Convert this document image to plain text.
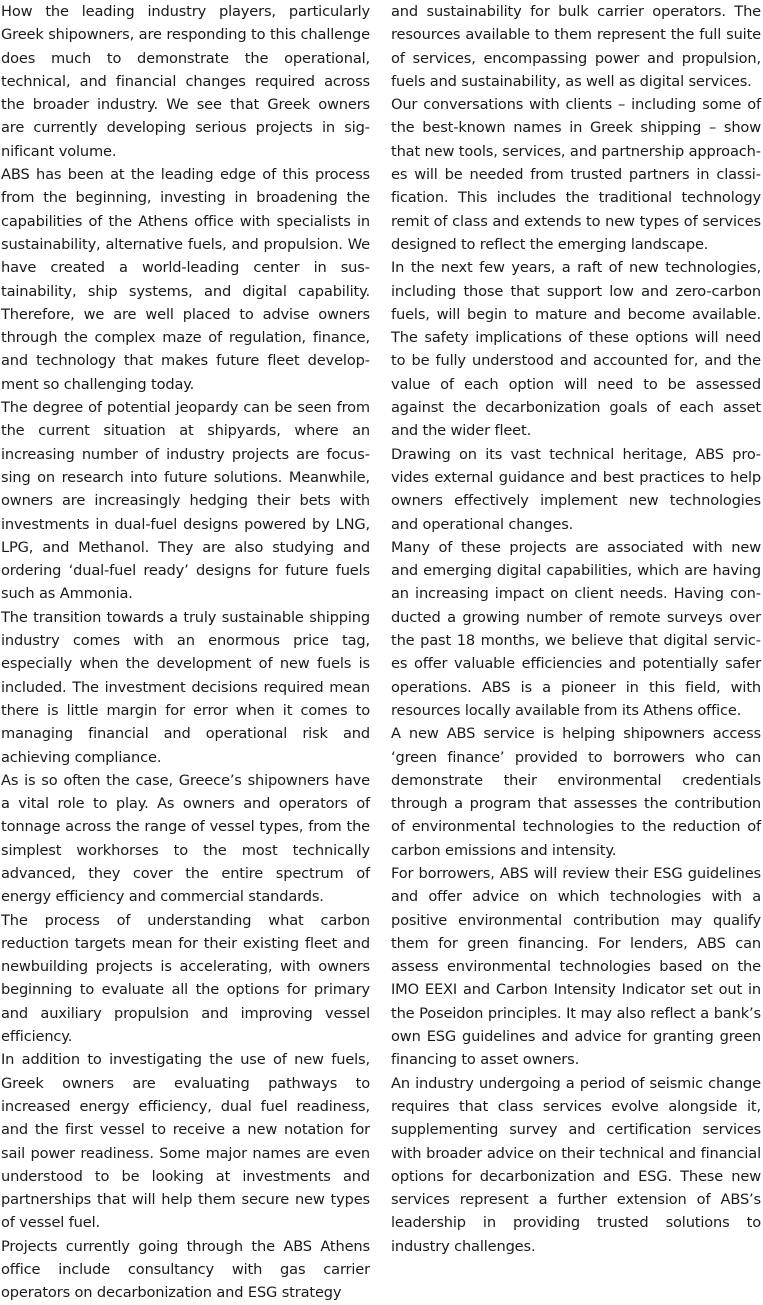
How the leading industry players, particularly Greek shipowners, are responding to this challenge does much to demonstrate the operational, technical, and financial changes required across the broader industry. We see that Greek owners are currently developing serious projects in significant volume.

ABS has been at the leading edge of this process from the beginning, investing in broadening the capabilities of the Athens office with specialists in sustainability, alternative fuels, and propulsion. We have created a world-leading center in sustainability, ship systems, and digital capability. Therefore, we are well placed to advise owners through the complex maze of regulation, finance, and technology that makes future fleet development so challenging today.

The degree of potential jeopardy can be seen from the current situation at shipyards, where an increasing number of industry projects are focussing on research into future solutions. Meanwhile, owners are increasingly hedging their bets with investments in dual-fuel designs powered by LNG, LPG, and Methanol. They are also studying and ordering ‘dual-fuel ready’ designs for future fuels such as Ammonia.

The transition towards a truly sustainable shipping industry comes with an enormous price tag, especially when the development of new fuels is included. The investment decisions required mean there is little margin for error when it comes to managing financial and operational risk and achieving compliance.

As is so often the case, Greece’s shipowners have a vital role to play. As owners and operators of tonnage across the range of vessel types, from the simplest workhorses to the most technically advanced, they cover the entire spectrum of energy efficiency and commercial standards.

The process of understanding what carbon reduction targets mean for their existing fleet and newbuilding projects is accelerating, with owners beginning to evaluate all the options for primary and auxiliary propulsion and improving vessel efficiency.

In addition to investigating the use of new fuels, Greek owners are evaluating pathways to increased energy efficiency, dual fuel readiness, and the first vessel to receive a new notation for sail power readiness. Some major names are even understood to be looking at investments and partnerships that will help them secure new types of vessel fuel.

Projects currently going through the ABS Athens office include consultancy with gas carrier operators on decarbonization and ESG strategy

and sustainability for bulk carrier operators. The resources available to them represent the full suite of services, encompassing power and propulsion, fuels and sustainability, as well as digital services.

Our conversations with clients – including some of the best-known names in Greek shipping – show that new tools, services, and partnership approaches will be needed from trusted partners in classification. This includes the traditional technology remit of class and extends to new types of services designed to reflect the emerging landscape.

In the next few years, a raft of new technologies, including those that support low and zero-carbon fuels, will begin to mature and become available. The safety implications of these options will need to be fully understood and accounted for, and the value of each option will need to be assessed against the decarbonization goals of each asset and the wider fleet.

Drawing on its vast technical heritage, ABS provides external guidance and best practices to help owners effectively implement new technologies and operational changes.

Many of these projects are associated with new and emerging digital capabilities, which are having an increasing impact on client needs. Having conducted a growing number of remote surveys over the past 18 months, we believe that digital services offer valuable efficiencies and potentially safer operations. ABS is a pioneer in this field, with resources locally available from its Athens office.

A new ABS service is helping shipowners access ‘green finance’ provided to borrowers who can demonstrate their environmental credentials through a program that assesses the contribution of environmental technologies to the reduction of carbon emissions and intensity.

For borrowers, ABS will review their ESG guidelines and offer advice on which technologies with a positive environmental contribution may qualify them for green financing. For lenders, ABS can assess environmental technologies based on the IMO EEXI and Carbon Intensity Indicator set out in the Poseidon principles. It may also reflect a bank’s own ESG guidelines and advice for granting green financing to asset owners.

An industry undergoing a period of seismic change requires that class services evolve alongside it, supplementing survey and certification services with broader advice on their technical and financial options for decarbonization and ESG. These new services represent a further extension of ABS’s leadership in providing trusted solutions to industry challenges.
